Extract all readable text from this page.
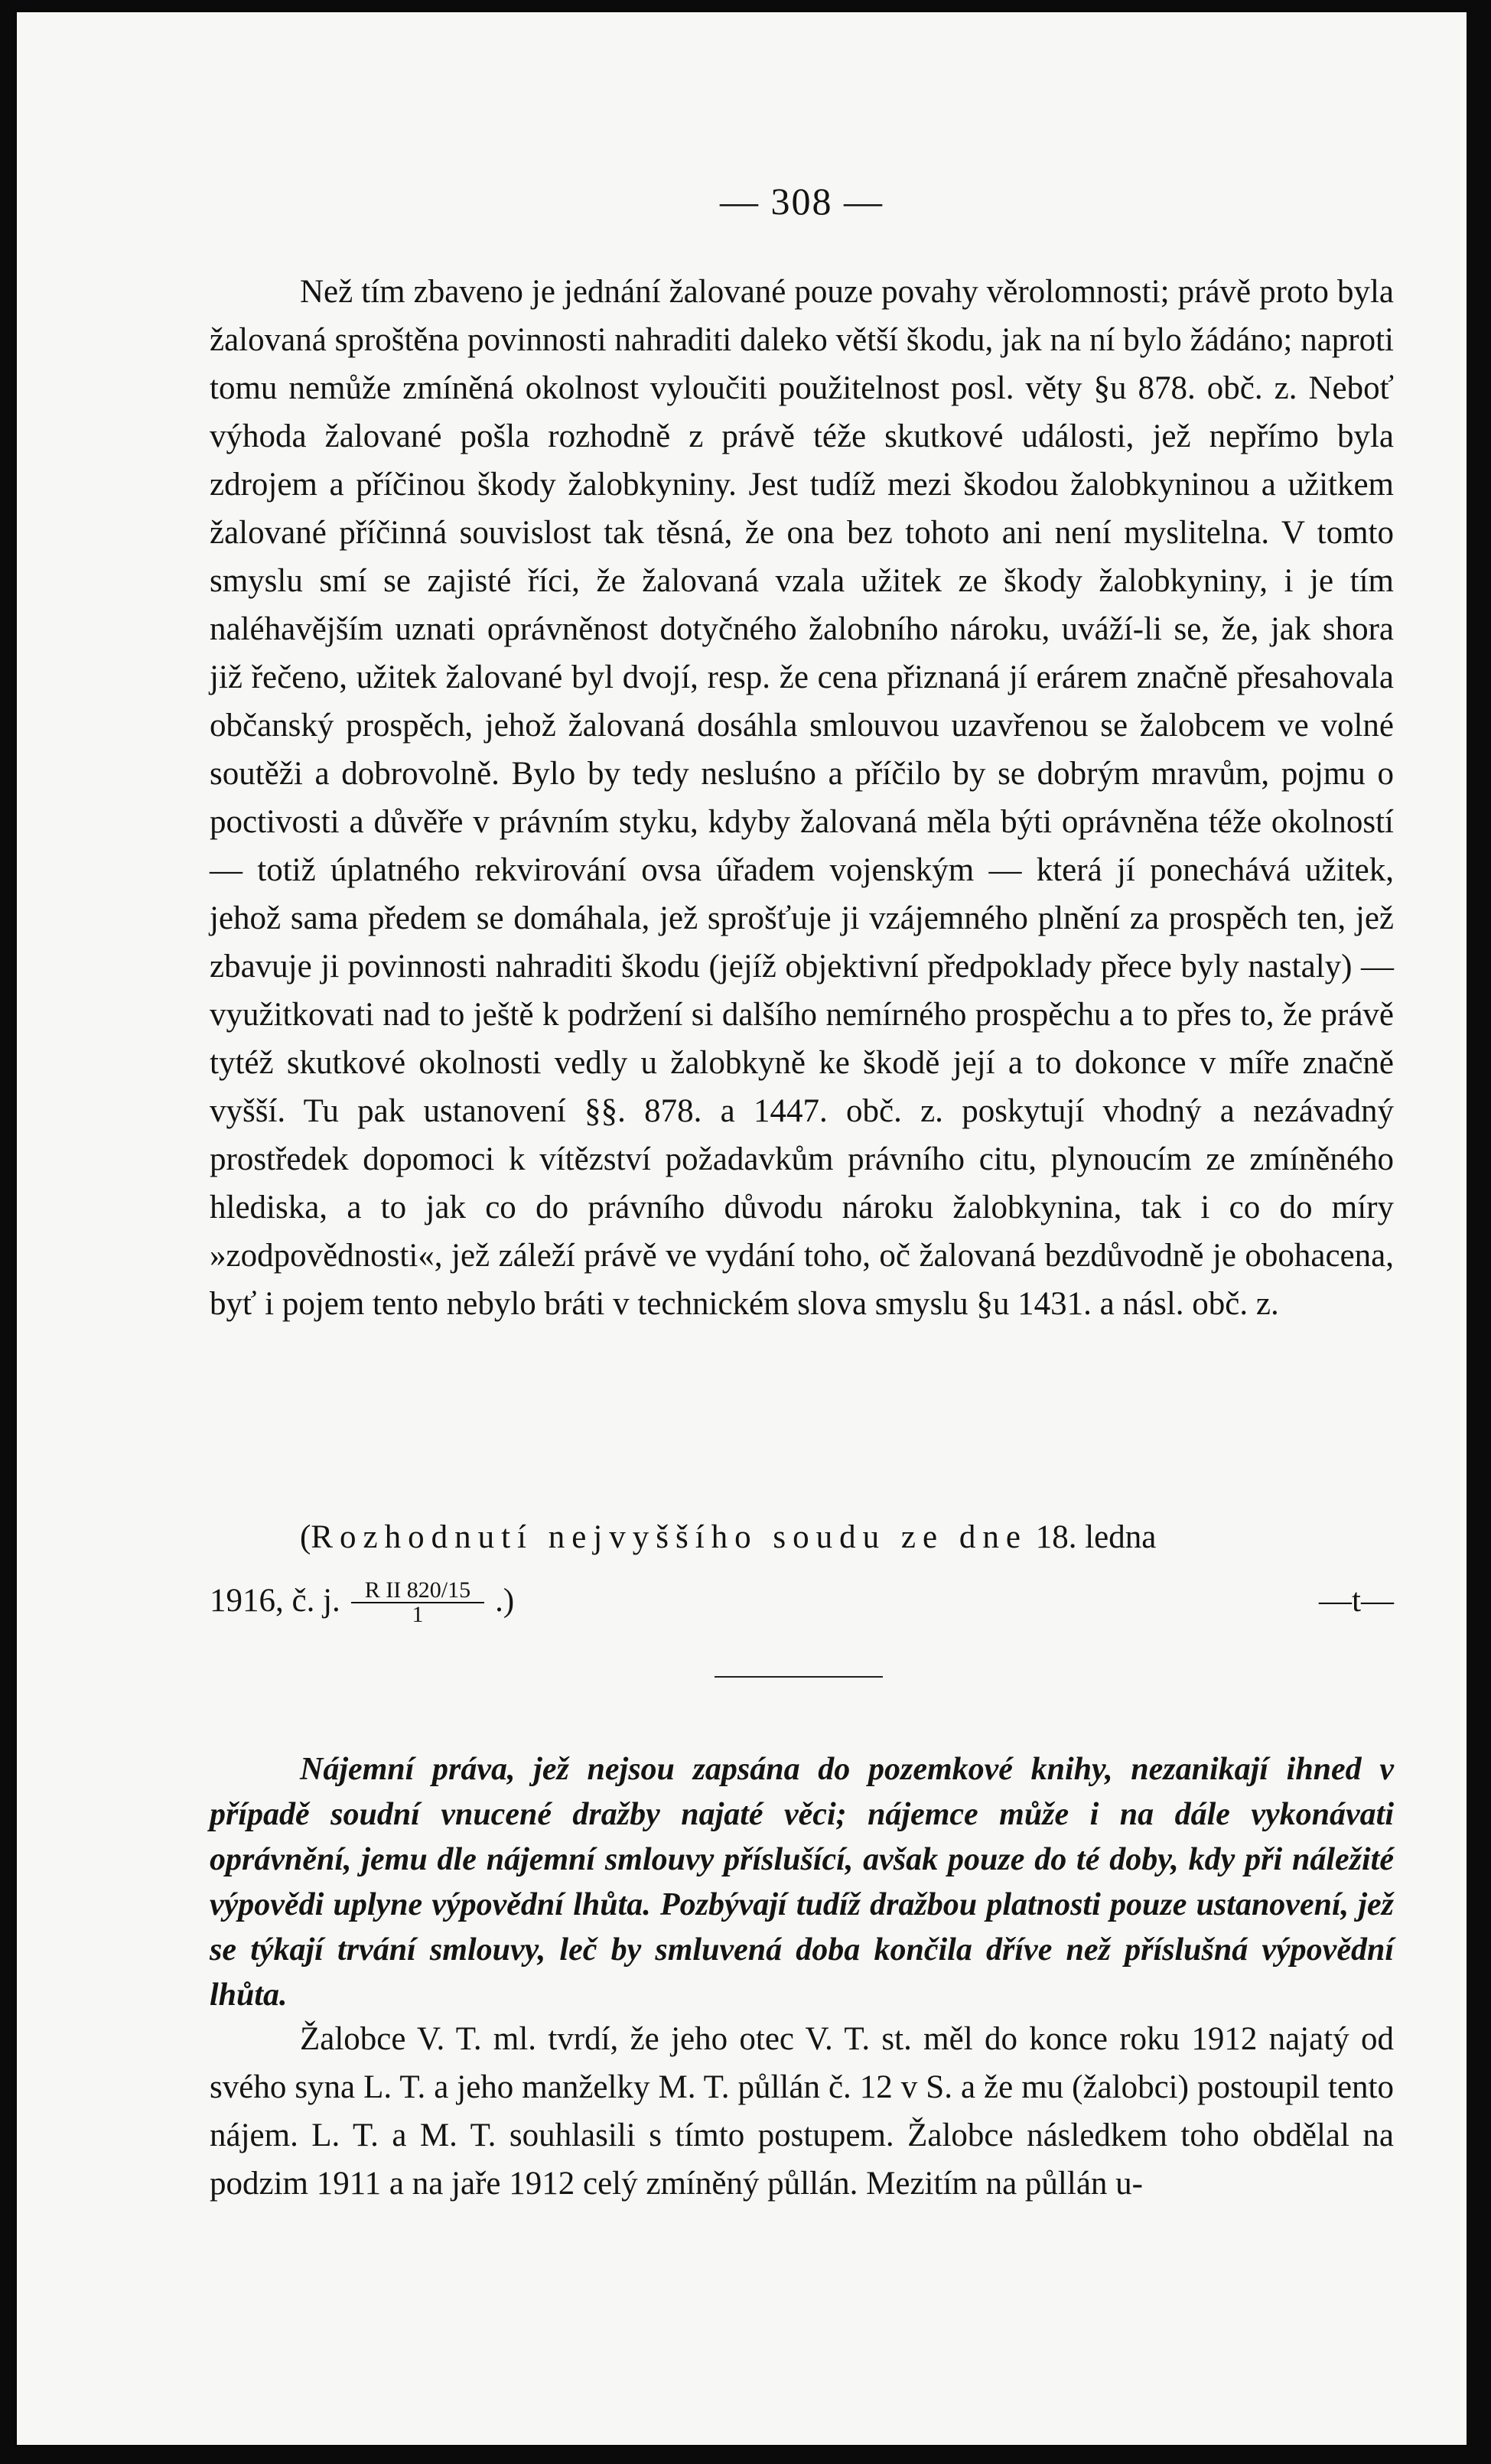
— 308 —

Než tím zbaveno je jednání žalované pouze povahy věrolomnosti; právě proto byla žalovaná sproštěna povinnosti nahraditi daleko větší škodu, jak na ní bylo žádáno; naproti tomu nemůže zmíněná okolnost vyloučiti použitelnost posl. věty §u 878. obč. z. Neboť výhoda žalované pošla rozhodně z právě téže skutkové události, jež nepřímo byla zdrojem a příčinou škody žalobkyniny. Jest tudíž mezi škodou žalobkyninou a užitkem žalované příčinná souvislost tak těsná, že ona bez tohoto ani není myslitelna. V tomto smyslu smí se zajisté říci, že žalovaná vzala užitek ze škody žalobkyniny, i je tím naléhavějším uznati oprávněnost dotyčného žalobního nároku, uváží-li se, že, jak shora již řečeno, užitek žalované byl dvojí, resp. že cena přiznaná jí erárem značně přesahovala občanský prospěch, jehož žalovaná dosáhla smlouvou uzavřenou se žalobcem ve volné soutěži a dobrovolně. Bylo by tedy nesluśno a příčilo by se dobrým mravům, pojmu o poctivosti a důvěře v právním styku, kdyby žalovaná měla býti oprávněna téže okolností — totiž úplatného rekvirování ovsa úřadem vojenským — která jí ponechává užitek, jehož sama předem se domáhala, jež sprošťuje ji vzájemného plnění za prospěch ten, jež zbavuje ji povinnosti nahraditi škodu (jejíž objektivní předpoklady přece byly nastaly) — využitkovati nad to ještě k podržení si dalšího nemírného prospěchu a to přes to, že právě tytéž skutkové okolnosti vedly u žalobkyně ke škodě její a to dokonce v míře značně vyšší. Tu pak ustanovení §§. 878. a 1447. obč. z. poskytují vhodný a nezávadný prostředek dopomoci k vítězství požadavkům právního citu, plynoucím ze zmíněného hlediska, a to jak co do právního důvodu nároku žalobkynina, tak i co do míry »zodpovědnosti«, jež záleží právě ve vydání toho, oč žalovaná bezdůvodně je obohacena, byť i pojem tento nebylo bráti v technickém slova smyslu §u 1431. a násl. obč. z.

(Rozhodnutí nejvyššího soudu ze dne 18. ledna
1916, č. j. $\frac{\text{R II 820/15}}{1}$ .)	—t—

Nájemní práva, jež nejsou zapsána do pozemkové knihy, nezanikají ihned v případě soudní vnucené dražby najaté věci; nájemce může i na dále vykonávati oprávnění, jemu dle nájemní smlouvy příslušící, avšak pouze do té doby, kdy při náležité výpovědi uplyne výpovědní lhůta. Pozbývají tudíž dražbou platnosti pouze ustanovení, jež se týkají trvání smlouvy, leč by smluvená doba končila dříve než příslušná výpovědní lhůta.

Žalobce V. T. ml. tvrdí, že jeho otec V. T. st. měl do konce roku 1912 najatý od svého syna L. T. a jeho manželky M. T. půllán č. 12 v S. a že mu (žalobci) postoupil tento nájem. L. T. a M. T. souhlasili s tímto postupem. Žalobce následkem toho obdělal na podzim 1911 a na jaře 1912 celý zmíněný půllán. Mezitím na půllán u-
